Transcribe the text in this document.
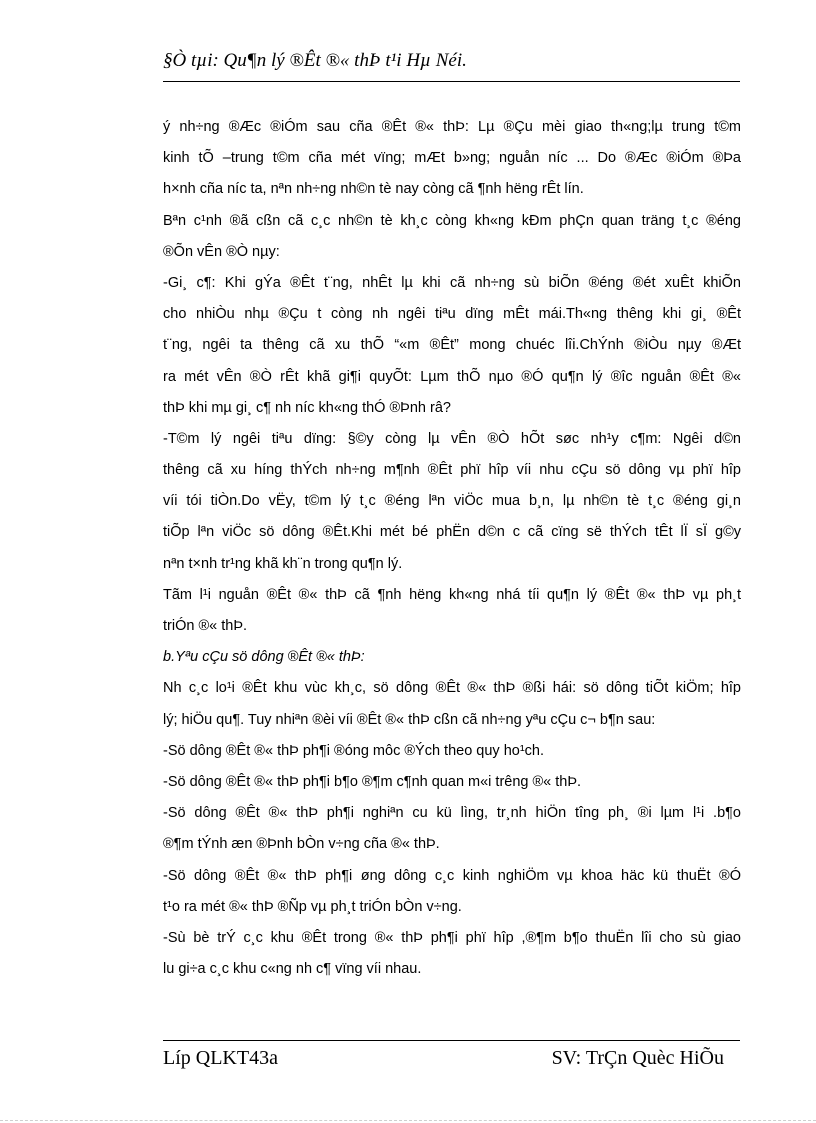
§Ò tµi: Qu¶n lý ®Êt ®« thÞ t¹i Hµ Néi.
ý nh÷ng ®Æc ®iÓm sau cña ®Êt ®« thÞ: Lµ ®Çu mèi giao th«ng;lµ trung t©m
kinh tÕ –trung t©m cña mét vïng; mÆt b»ng; nguån níc ... Do ®Æc ®iÓm ®Þa
h×nh cña níc ta, nªn nh÷ng nh©n tè nay còng cã ¶nh hëng rÊt lín.
Bªn c¹nh ®ã cßn cã c¸c nh©n tè kh¸c còng kh«ng kÐm phÇn quan träng t¸c ®éng
®Õn vÊn ®Ò nµy:
-Gi¸ c¶: Khi gÝa ®Êt t¨ng, nhÊt lµ khi cã nh÷ng sù biÕn ®éng ®ét xuÊt khiÕn
cho nhiÒu nhµ ®Çu t còng nh ngêi tiªu dïng mÊt mái.Th«ng thêng khi gi¸ ®Êt
t¨ng, ngêi ta thêng cã xu thÕ “«m ®Êt” mong chuéc lîi.ChÝnh ®iÒu nµy ®Æt
ra mét vÊn ®Ò rÊt khã gi¶i quyÕt: Lµm thÕ nµo ®Ó qu¶n lý ®îc nguån ®Êt ®«
thÞ khi mµ gi¸ c¶ nh níc kh«ng thÓ ®Þnh râ?
-T©m lý ngêi tiªu dïng: §©y còng lµ vÊn ®Ò hÕt søc nh¹y c¶m: Ngêi d©n
thêng cã xu híng thÝch nh÷ng m¶nh ®Êt phï hîp víi nhu cÇu sö dông vµ phï hîp
víi tói tiÒn.Do vËy, t©m lý t¸c ®éng lªn viÖc mua b¸n, lµ nh©n tè t¸c ®éng gi¸n
tiÕp lªn viÖc sö dông ®Êt.Khi mét bé phËn d©n c cã cïng së thÝch tÊt lÏ sÏ g©y
nªn t×nh tr¹ng khã kh¨n trong qu¶n lý.
Tãm l¹i nguån ®Êt ®« thÞ cã ¶nh hëng kh«ng nhá tíi qu¶n lý ®Êt ®« thÞ vµ ph¸t
triÓn ®« thÞ.
b.Yªu cÇu sö dông ®Êt ®« thÞ:
Nh c¸c lo¹i ®Êt khu vùc kh¸c, sö dông ®Êt ®« thÞ ®ßi hái: sö dông tiÕt kiÖm; hîp
lý; hiÖu qu¶. Tuy nhiªn ®èi víi ®Êt ®« thÞ cßn cã nh÷ng yªu cÇu c¬ b¶n sau:
-Sö dông ®Êt ®« thÞ ph¶i ®óng môc ®Ých theo quy ho¹ch.
-Sö dông ®Êt ®« thÞ ph¶i b¶o ®¶m c¶nh quan m«i trêng ®« thÞ.
-Sö dông ®Êt ®« thÞ ph¶i nghiªn cu kü lìng, tr¸nh hiÖn tîng ph¸ ®i lµm l¹i .b¶o
®¶m tÝnh æn ®Þnh bÒn v÷ng cña ®« thÞ.
-Sö dông ®Êt ®« thÞ ph¶i øng dông c¸c kinh nghiÖm vµ khoa häc kü thuËt ®Ó
t¹o ra mét ®« thÞ ®Ñp vµ ph¸t triÓn bÒn v÷ng.
-Sù bè trÝ c¸c khu ®Êt trong ®« thÞ ph¶i phï hîp ,®¶m b¶o thuËn lîi cho sù giao
lu gi÷a c¸c khu c«ng nh c¶ vïng víi nhau.
Líp QLKT43a	SV: TrÇn Quèc HiÕu
